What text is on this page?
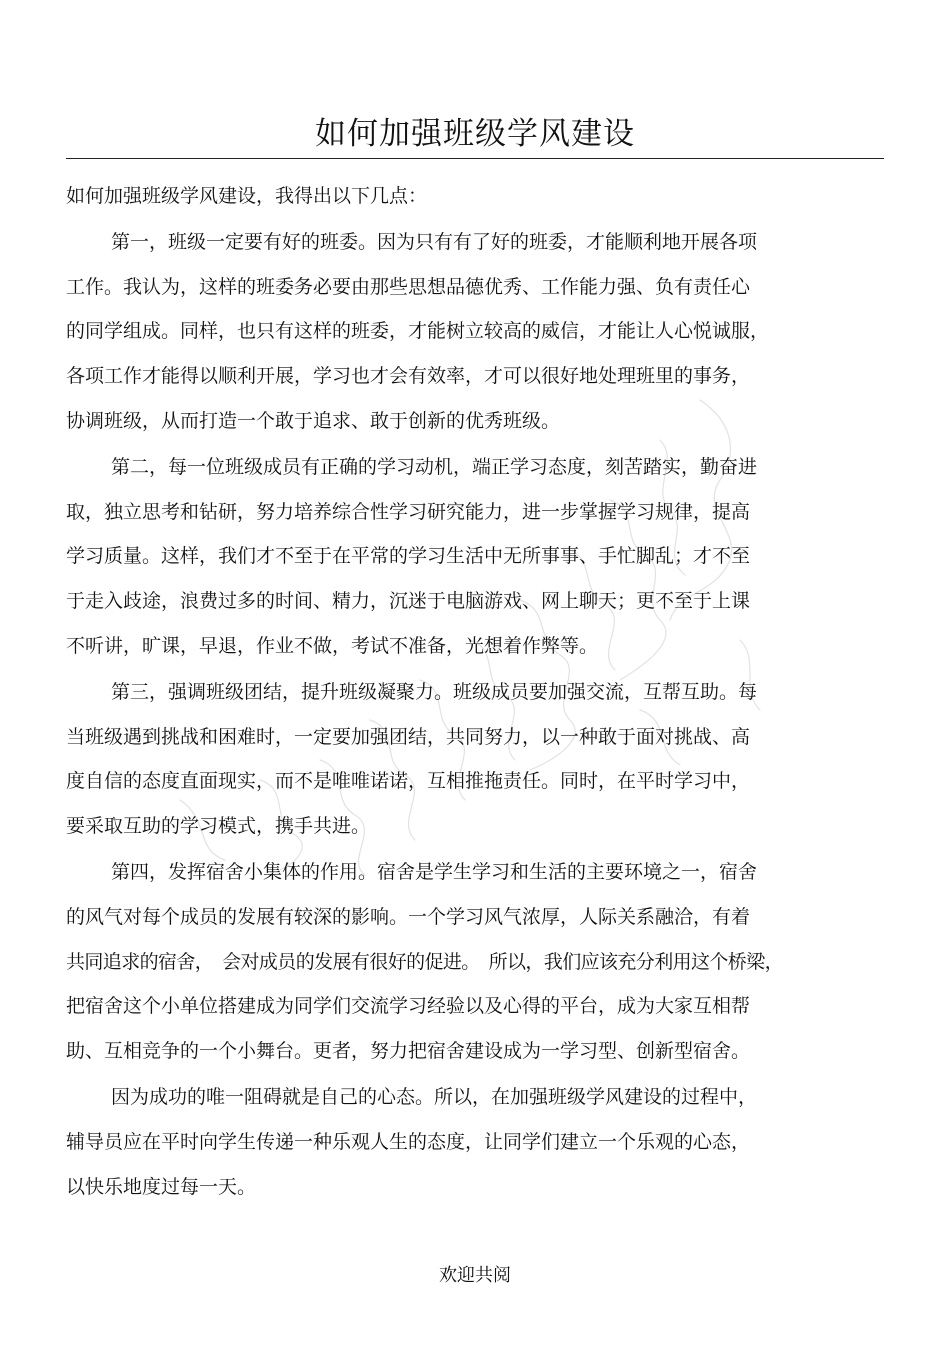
如何加强班级学风建设
如何加强班级学风建设，我得出以下几点：
第一，班级一定要有好的班委。因为只有有了好的班委，才能顺利地开展各项
工作。我认为，这样的班委务必要由那些思想品德优秀、工作能力强、负有责任心
的同学组成。同样，也只有这样的班委，才能树立较高的威信，才能让人心悦诚服，
各项工作才能得以顺利开展，学习也才会有效率，才可以很好地处理班里的事务，
协调班级，从而打造一个敢于追求、敢于创新的优秀班级。
第二，每一位班级成员有正确的学习动机，端正学习态度，刻苦踏实，勤奋进
取，独立思考和钻研，努力培养综合性学习研究能力，进一步掌握学习规律，提高
学习质量。这样，我们才不至于在平常的学习生活中无所事事、手忙脚乱；才不至
于走入歧途，浪费过多的时间、精力，沉迷于电脑游戏、网上聊天；更不至于上课
不听讲，旷课，早退，作业不做，考试不准备，光想着作弊等。
第三，强调班级团结，提升班级凝聚力。班级成员要加强交流，互帮互助。每
当班级遇到挑战和困难时，一定要加强团结，共同努力，以一种敢于面对挑战、高
度自信的态度直面现实，而不是唯唯诺诺，互相推拖责任。同时，在平时学习中，
要采取互助的学习模式，携手共进。
第四，发挥宿舍小集体的作用。宿舍是学生学习和生活的主要环境之一，宿舍
的风气对每个成员的发展有较深的影响。一个学习风气浓厚，人际关系融洽，有着
共同追求的宿舍，　会对成员的发展有很好的促进。　所以，我们应该充分利用这个桥梁，
把宿舍这个小单位搭建成为同学们交流学习经验以及心得的平台，成为大家互相帮
助、互相竞争的一个小舞台。更者，努力把宿舍建设成为一学习型、创新型宿舍。
因为成功的唯一阻碍就是自己的心态。所以，在加强班级学风建设的过程中，
辅导员应在平时向学生传递一种乐观人生的态度，让同学们建立一个乐观的心态，
以快乐地度过每一天。
欢迎共阅
